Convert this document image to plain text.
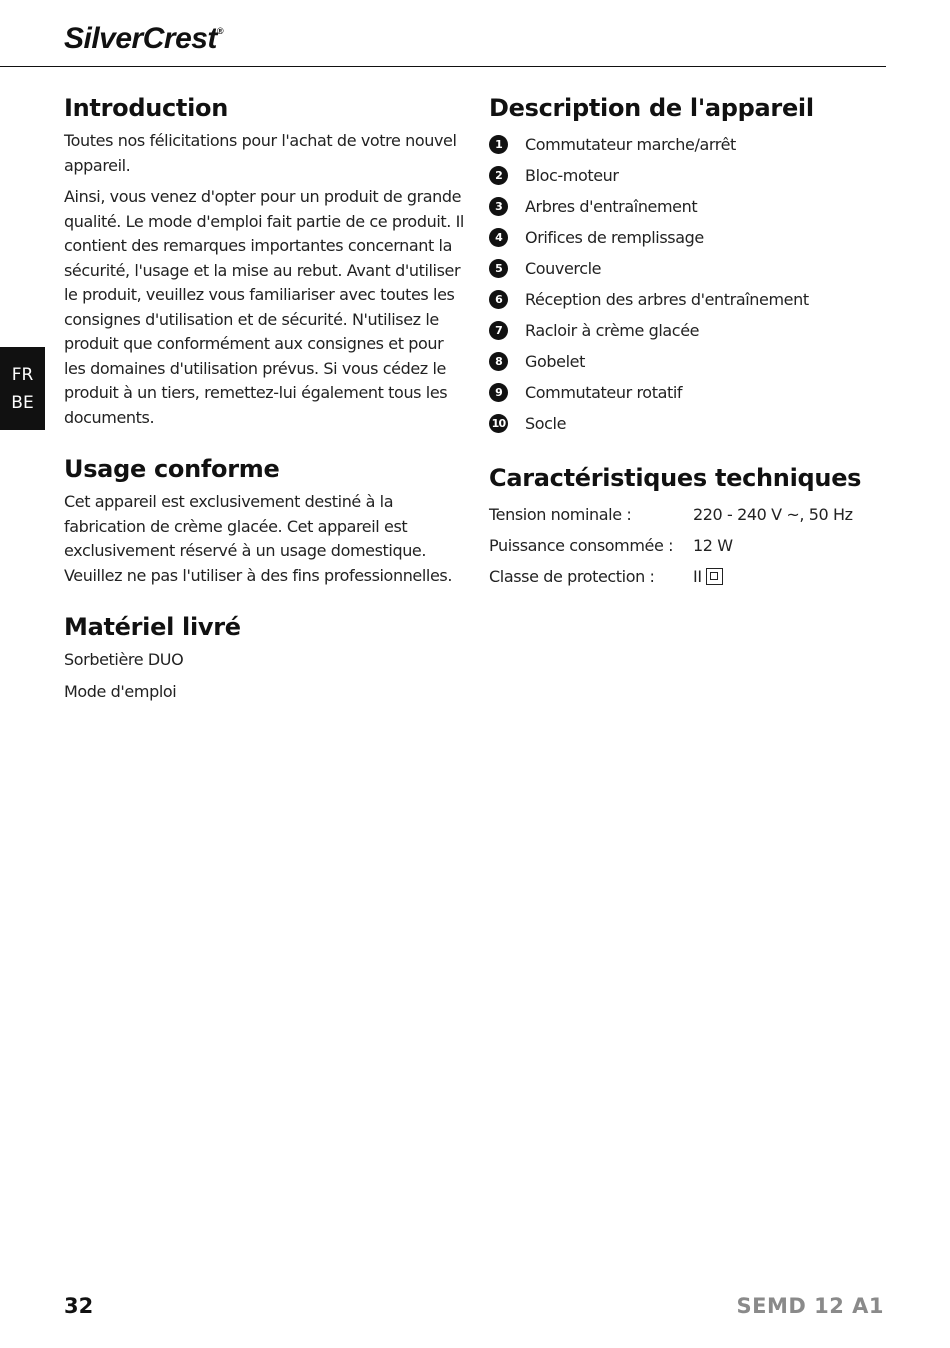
SilverCrest®
FR
BE
Introduction

Toutes nos félicitations pour l'achat de votre nouvel appareil.

Ainsi, vous venez d'opter pour un produit de grande qualité. Le mode d'emploi fait partie de ce produit. Il contient des remarques importantes concernant la sécurité, l'usage et la mise au rebut. Avant d'utiliser le produit, veuillez vous familiariser avec toutes les consignes d'utilisation et de sécurité. N'utilisez le produit que conformément aux consignes et pour les domaines d'utilisation prévus. Si vous cédez le produit à un tiers, remettez-lui également tous les documents.

Usage conforme

Cet appareil est exclusivement destiné à la fabrication de crème glacée. Cet appareil est exclusivement réservé à un usage domestique. Veuillez ne pas l'utiliser à des fins professionnelles.

Matériel livré

Sorbetière DUO

Mode d'emploi

Description de l'appareil
1	Commutateur marche/arrêt
2	Bloc-moteur
3	Arbres d'entraînement
4	Orifices de remplissage
5	Couvercle
6	Réception des arbres d'entraînement
7	Racloir à crème glacée
8	Gobelet
9	Commutateur rotatif
10 Socle
Caractéristiques techniques
Tension nominale :	220 - 240 V ~, 50 Hz
Puissance consommée :	12 W
Classe de protection :	II
32	SEMD 12 A1
